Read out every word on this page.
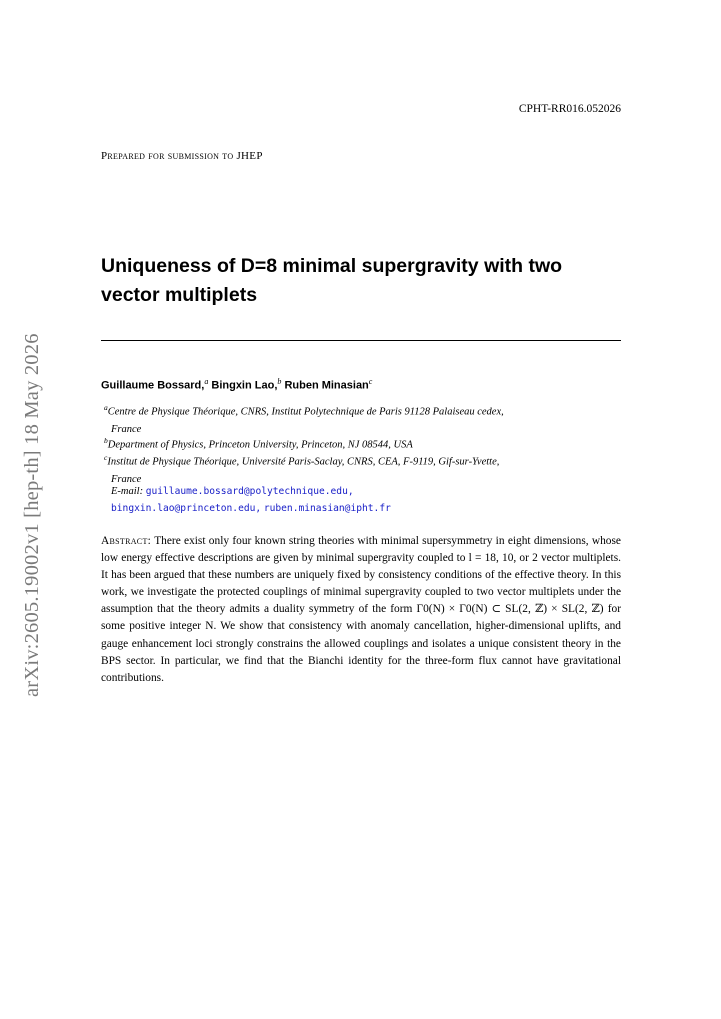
arXiv:2605.19002v1 [hep-th] 18 May 2026
CPHT-RR016.052026
Prepared for submission to JHEP
Uniqueness of D=8 minimal supergravity with two vector multiplets
Guillaume Bossard,$^a$ Bingxin Lao,$^b$ Ruben Minasian$^c$
$^a$Centre de Physique Théorique, CNRS, Institut Polytechnique de Paris 91128 Palaiseau cedex,
France
$^b$Department of Physics, Princeton University, Princeton, NJ 08544, USA
$^c$Institut de Physique Théorique, Université Paris-Saclay, CNRS, CEA, F-9119, Gif-sur-Yvette,
France
E-mail: guillaume.bossard@polytechnique.edu,
bingxin.lao@princeton.edu, ruben.minasian@ipht.fr

Abstract: There exist only four known string theories with minimal supersymmetry in eight dimensions, whose low energy effective descriptions are given by minimal supergravity coupled to l = 18, 10, or 2 vector multiplets. It has been argued that these numbers are uniquely fixed by consistency conditions of the effective theory. In this work, we investigate the protected couplings of minimal supergravity coupled to two vector multiplets under the assumption that the theory admits a duality symmetry of the form Γ0(N) × Γ0(N) ⊂ SL(2, ℤ) × SL(2, ℤ) for some positive integer N. We show that consistency with anomaly cancellation, higher-dimensional uplifts, and gauge enhancement loci strongly constrains the allowed couplings and isolates a unique consistent theory in the BPS sector. In particular, we find that the Bianchi identity for the three-form flux cannot have gravitational contributions.
